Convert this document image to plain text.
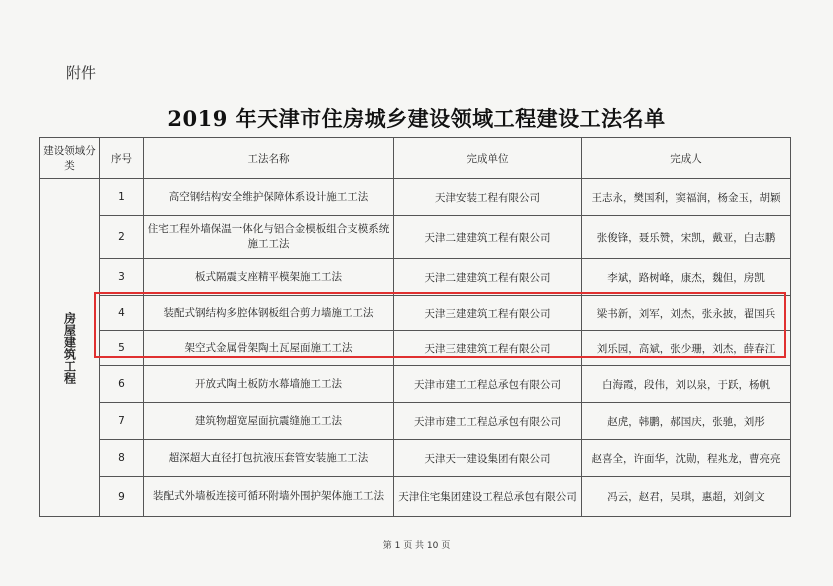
附件
2019 年天津市住房城乡建设领域工程建设工法名单
建设领域分类	序号	工法名称	完成单位	完成人
房屋建筑工程	1	高空钢结构安全维护保障体系设计施工工法	天津安装工程有限公司	王志永，樊国利，窦福润，杨金玉，胡颖
	2	住宅工程外墙保温一体化与铝合金模板组合支模系统施工工法	天津二建建筑工程有限公司	张俊锋，聂乐赞，宋凯，戴亚，白志鹏
	3	板式隔震支座精平模架施工工法	天津二建建筑工程有限公司	李斌，路树峰，康杰，魏但，房凯
	4	装配式钢结构多腔体钢板组合剪力墙施工工法	天津三建建筑工程有限公司	梁书新，刘军，刘杰，张永披，翟国兵
	5	架空式金属骨架陶土瓦屋面施工工法	天津三建建筑工程有限公司	刘乐园，高斌，张少珊，刘杰，薛春江
	6	开放式陶土板防水幕墙施工工法	天津市建工工程总承包有限公司	白海霞，段伟，刘以泉，于跃，杨帆
	7	建筑物超宽屋面抗震缝施工工法	天津市建工工程总承包有限公司	赵虎，韩鹏，郝国庆，张驰，刘彤
	8	超深超大直径打包抗液压套管安装施工工法	天津天一建设集团有限公司	赵喜全，许面华，沈勋，程兆龙，曹亮亮
	9	装配式外墙板连接可循环附墙外围护架体施工工法	天津住宅集团建设工程总承包有限公司	冯云，赵君，吴琪，惠超，刘剑文
第 1 页 共 10 页
